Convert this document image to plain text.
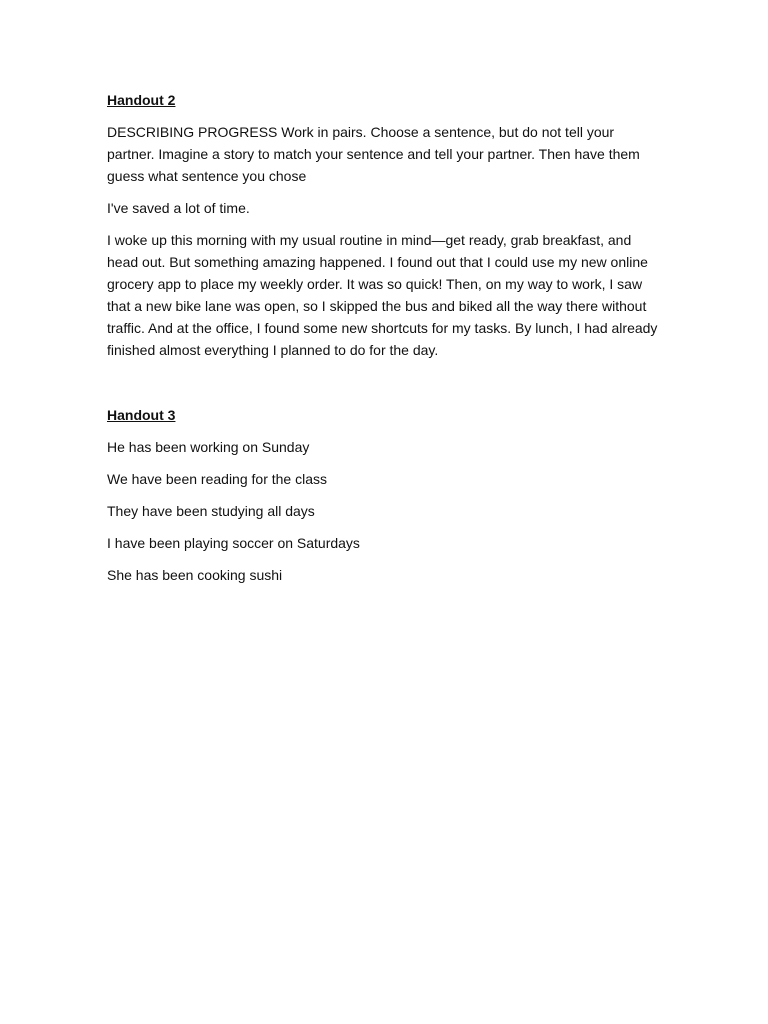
Handout 2

DESCRIBING PROGRESS Work in pairs. Choose a sentence, but do not tell your partner. Imagine a story to match your sentence and tell your partner. Then have them guess what sentence you chose

I've saved a lot of time.

I woke up this morning with my usual routine in mind—get ready, grab breakfast, and head out. But something amazing happened. I found out that I could use my new online grocery app to place my weekly order. It was so quick! Then, on my way to work, I saw that a new bike lane was open, so I skipped the bus and biked all the way there without traffic. And at the office, I found some new shortcuts for my tasks. By lunch, I had already finished almost everything I planned to do for the day.

Handout 3

He has been working on Sunday

We have been reading for the class

They have been studying all days

I have been playing soccer on Saturdays

She has been cooking sushi
